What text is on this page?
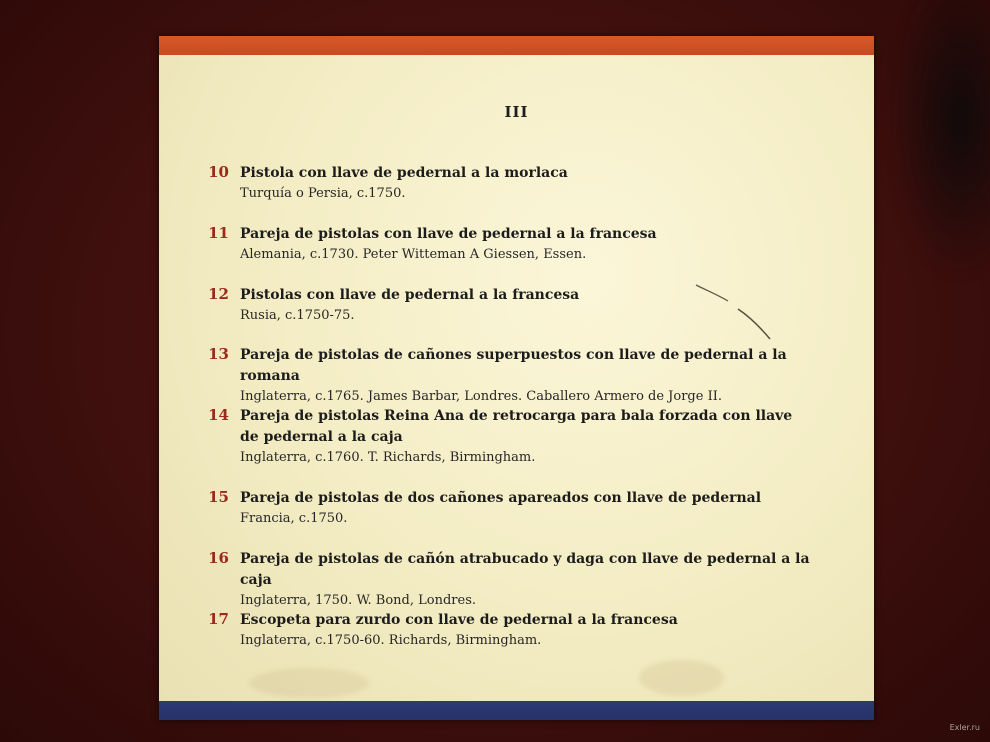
III
10 Pistola con llave de pedernal a la morlaca
Turquía o Persia, c.1750.
11 Pareja de pistolas con llave de pedernal a la francesa
Alemania, c.1730. Peter Witteman A Giessen, Essen.
12 Pistolas con llave de pedernal a la francesa
Rusia, c.1750-75.
13 Pareja de pistolas de cañones superpuestos con llave de pedernal a la romana
Inglaterra, c.1765. James Barbar, Londres. Caballero Armero de Jorge II.
14 Pareja de pistolas Reina Ana de retrocarga para bala forzada con llave
de pedernal a la caja
Inglaterra, c.1760. T. Richards, Birmingham.
15 Pareja de pistolas de dos cañones apareados con llave de pedernal
Francia, c.1750.
16 Pareja de pistolas de cañón atrabucado y daga con llave de pedernal a la caja
Inglaterra, 1750. W. Bond, Londres.
17 Escopeta para zurdo con llave de pedernal a la francesa
Inglaterra, c.1750-60. Richards, Birmingham.
Exler.ru
